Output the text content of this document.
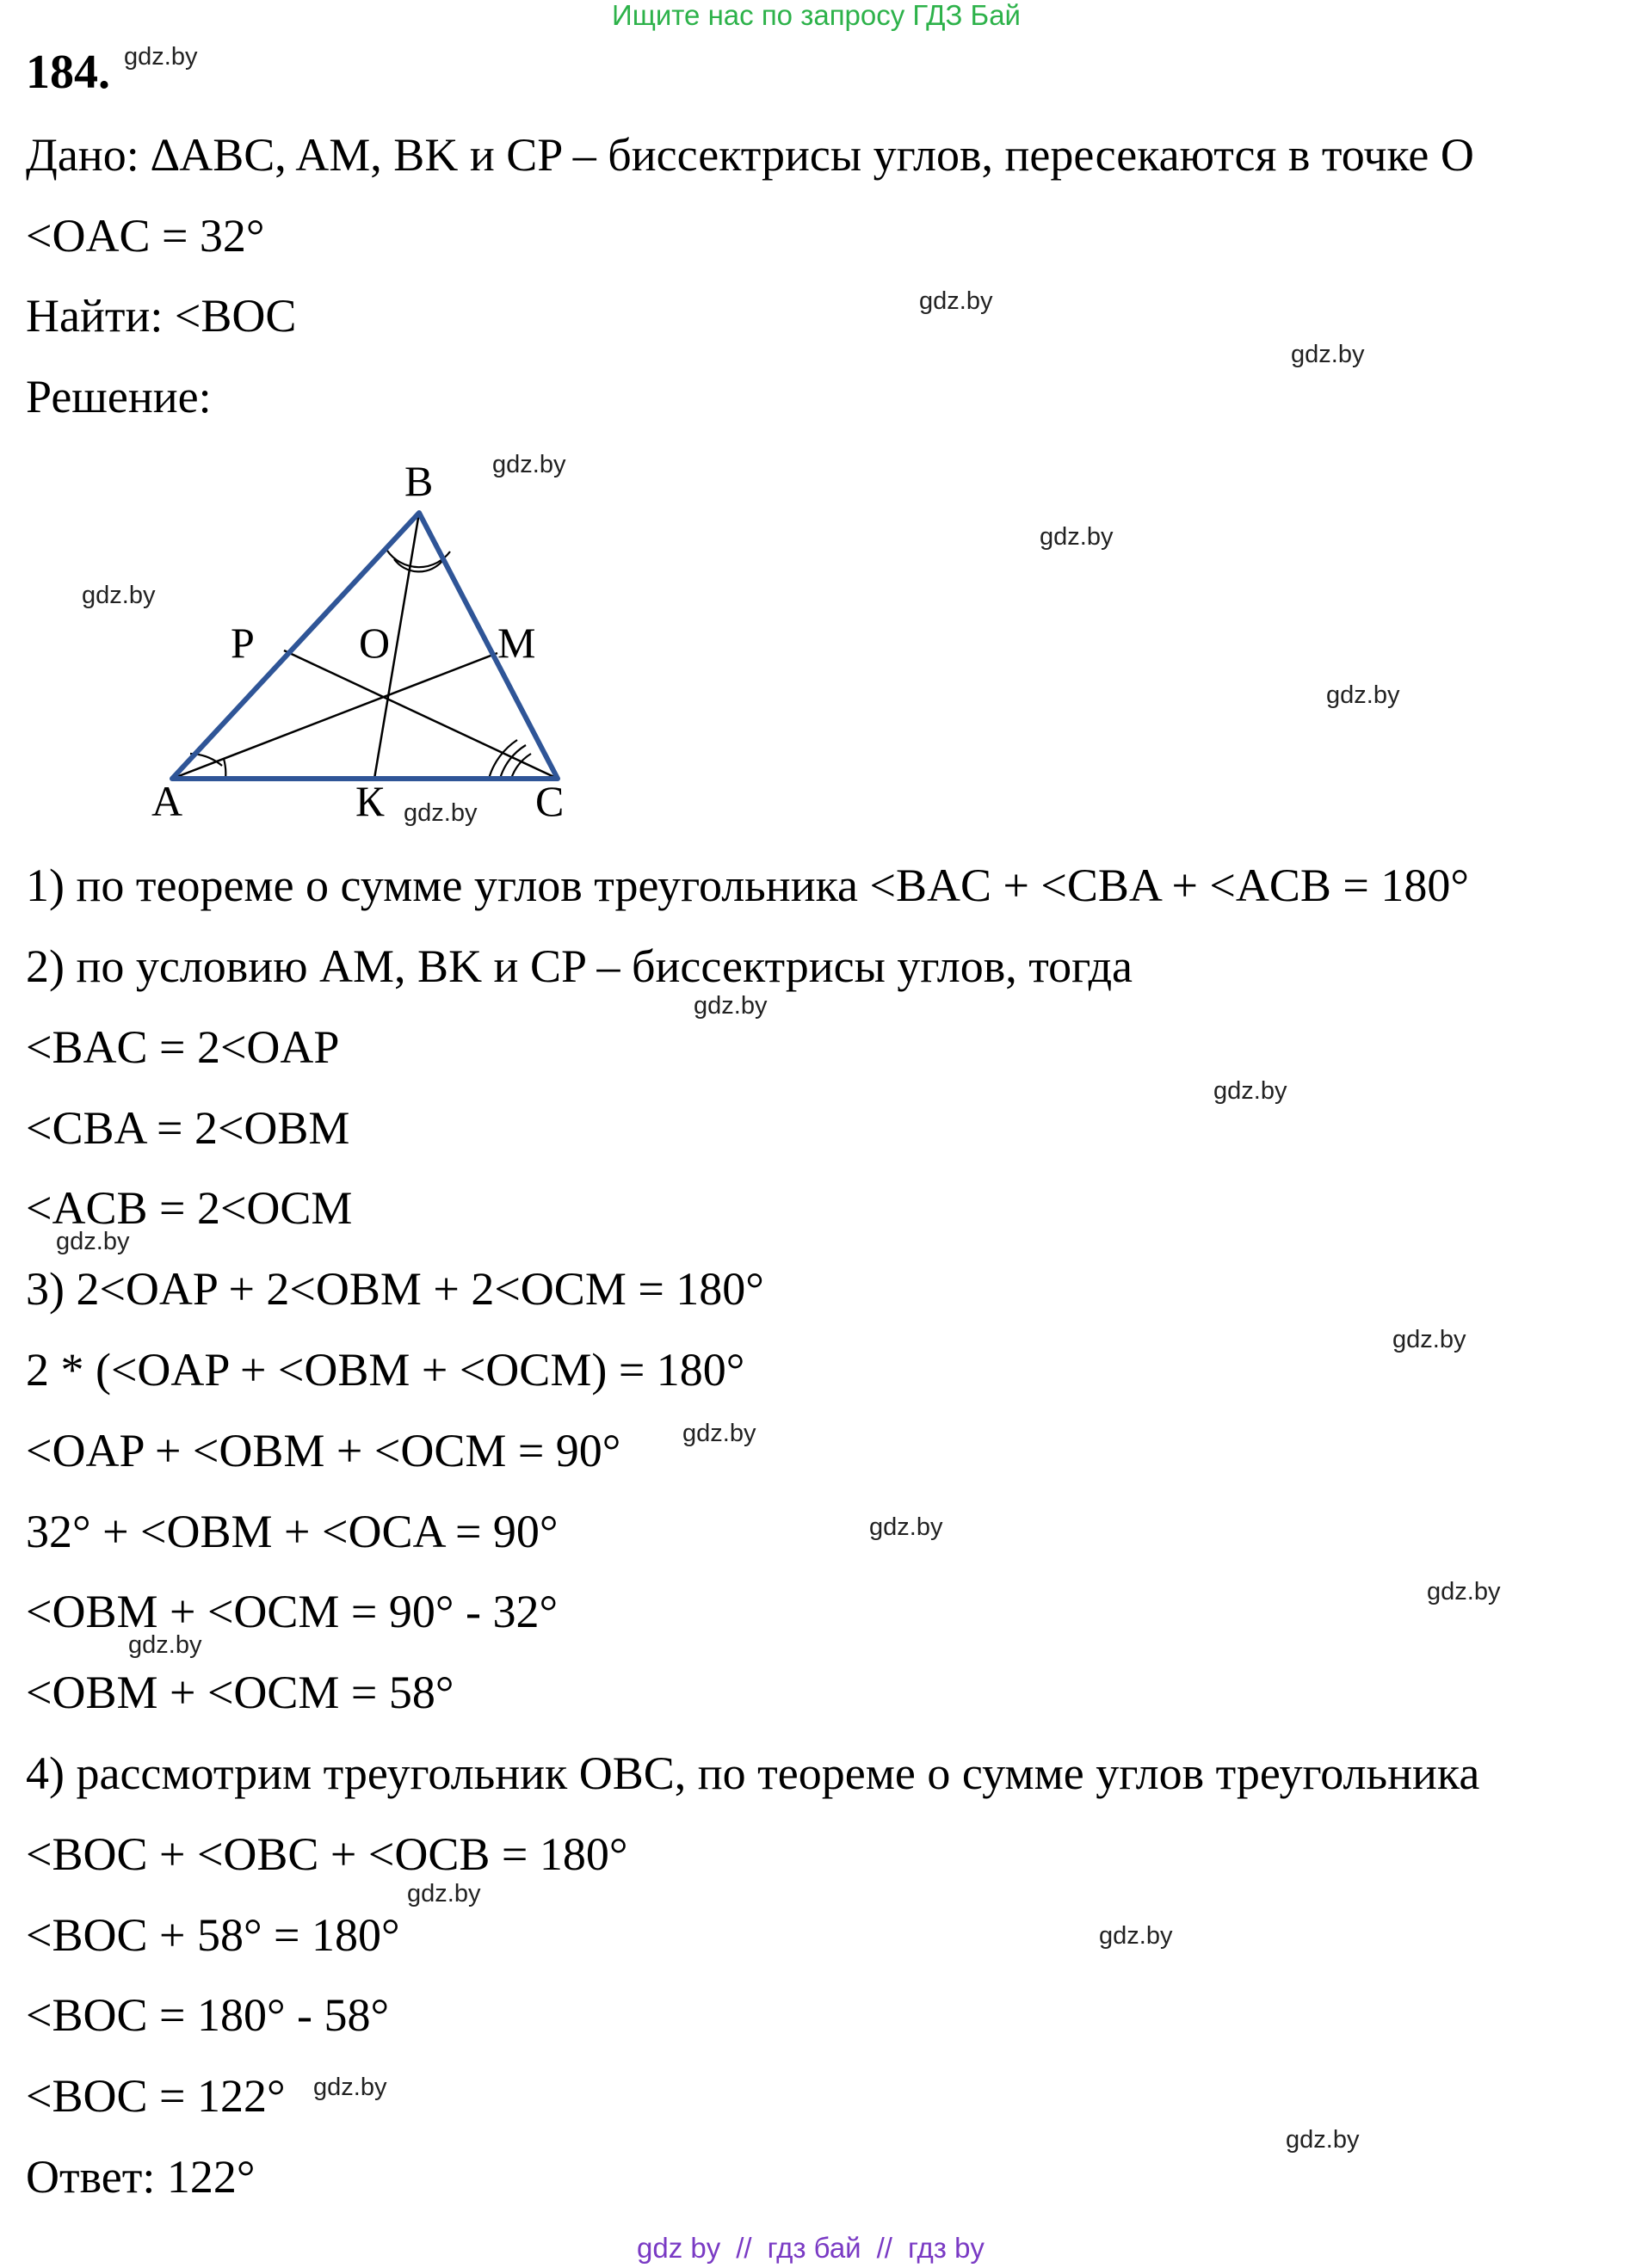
Ищите нас по запросу ГДЗ Бай
184. gdz.by
Дано: ∆ABC, AM, BK и CP – биссектрисы углов, пересекаются в точке O
<OAC = 32°
Найти: <BOC
Решение:
B
P O M
A	К	C
1) по теореме о сумме углов треугольника <BAC + <CBA + <ACB = 180°
2) по условию AM, BK и CP – биссектрисы углов, тогда
<BAC = 2<OAP
<CBA = 2<OBM
<ACB = 2<OCM
3) 2<OAP + 2<OBM + 2<OCM = 180°
2 * (<OAP + <OBM + <OCM) = 180°
<OAP + <OBM + <OCM = 90°
32° + <OBM + <OCA = 90°
<OBM + <OCM = 90° - 32°
<OBM + <OCM = 58°
4) рассмотрим треугольник OBC, по теореме о сумме углов треугольника
<BOC + <OBC + <OCB = 180°
<BOC + 58° = 180°
<BOC = 180° - 58°
<BOC = 122°
Ответ: 122°
gdz.by
gdz.by
gdz.by
gdz.by
gdz.by
gdz.by
gdz.by
gdz.by
gdz.by
gdz.by
gdz.by
gdz.by
gdz.by
gdz.by
gdz.by
gdz.by
gdz.by
gdz.by
gdz.by
gdz by // гдз бай // гдз by
